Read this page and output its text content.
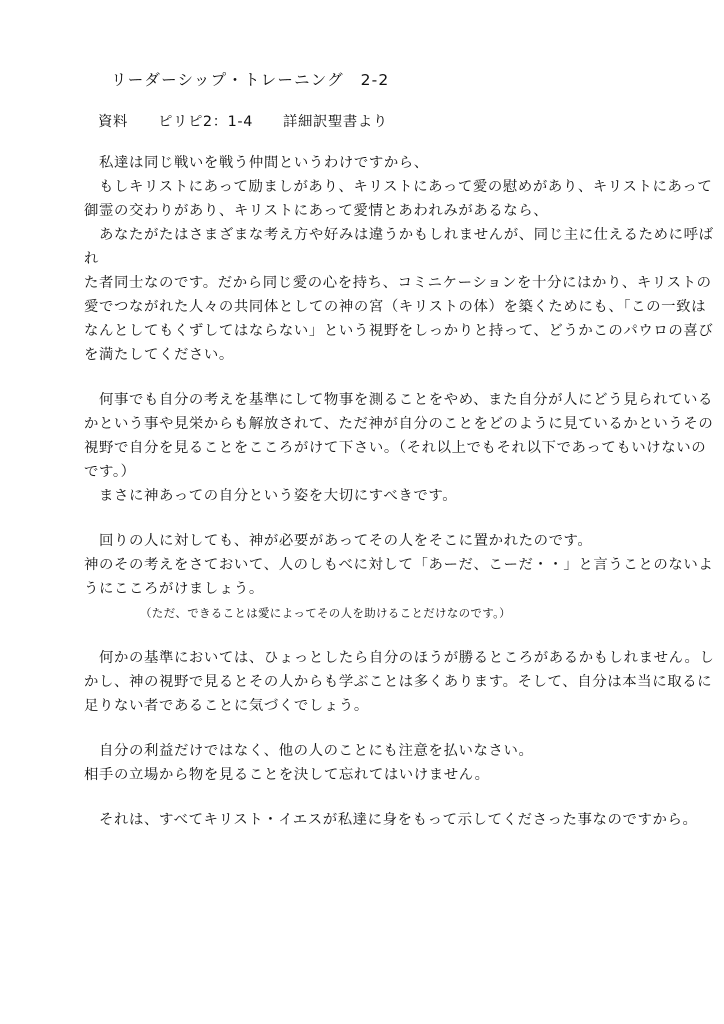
リーダーシップ・トレーニング　2-2
資料　　ピリピ2：1-4　　詳細訳聖書より
　私達は同じ戦いを戦う仲間というわけですから、
　もしキリストにあって励ましがあり、キリストにあって愛の慰めがあり、キリストにあって
御霊の交わりがあり、キリストにあって愛情とあわれみがあるなら、
　あなたがたはさまざまな考え方や好みは違うかもしれませんが、同じ主に仕えるために呼ば
れ
た者同士なのです。だから同じ愛の心を持ち、コミニケーションを十分にはかり、キリストの
愛でつながれた人々の共同体としての神の宮（キリストの体）を築くためにも、「この一致は
なんとしてもくずしてはならない」という視野をしっかりと持って、どうかこのパウロの喜び
を満たしてください。
　何事でも自分の考えを基準にして物事を測ることをやめ、また自分が人にどう見られている
かという事や見栄からも解放されて、ただ神が自分のことをどのように見ているかというその
視野で自分を見ることをこころがけて下さい。（それ以上でもそれ以下であってもいけないの
です。）
　まさに神あっての自分という姿を大切にすべきです。
　回りの人に対しても、神が必要があってその人をそこに置かれたのです。
神のその考えをさておいて、人のしもべに対して「あーだ、こーだ・・」と言うことのないよ
うにこころがけましょう。
（ただ、できることは愛によってその人を助けることだけなのです。）
　何かの基準においては、ひょっとしたら自分のほうが勝るところがあるかもしれません。し
かし、神の視野で見るとその人からも学ぶことは多くあります。そして、自分は本当に取るに
足りない者であることに気づくでしょう。
　自分の利益だけではなく、他の人のことにも注意を払いなさい。
相手の立場から物を見ることを決して忘れてはいけません。
　それは、すべてキリスト・イエスが私達に身をもって示してくださった事なのですから。
